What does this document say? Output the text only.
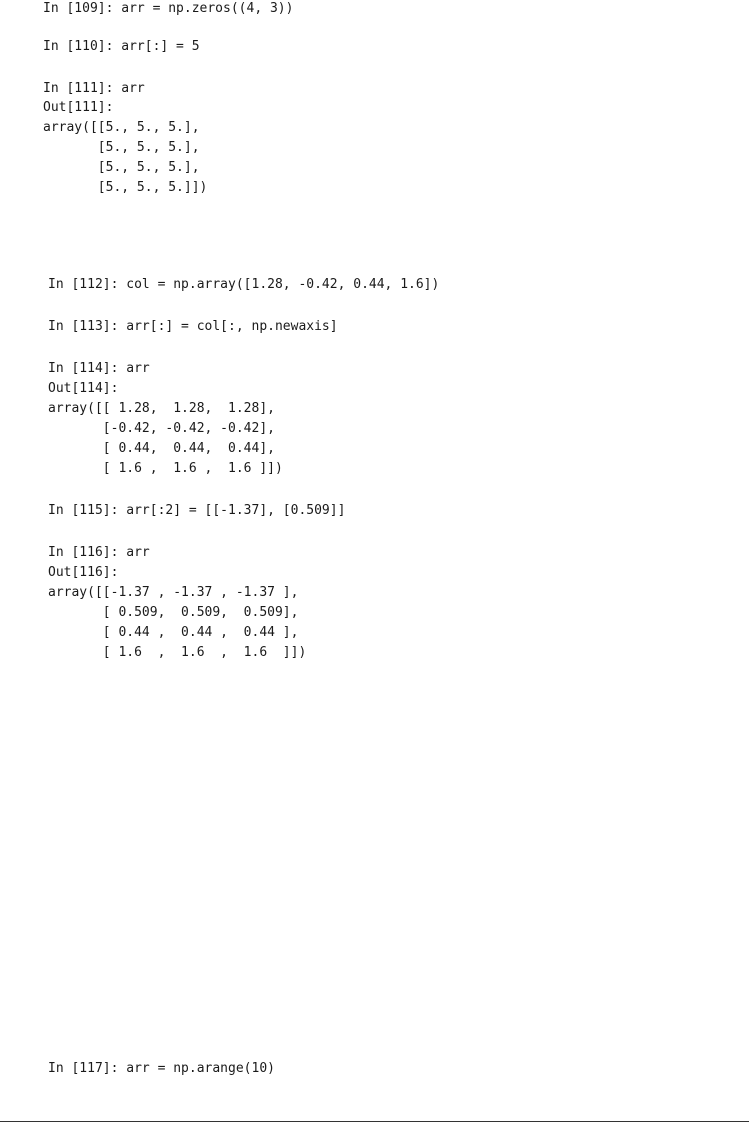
In [109]: arr = np.zeros((4, 3))
In [110]: arr[:] = 5
In [111]: arr
Out[111]:
array([[5., 5., 5.],
[5., 5., 5.],
[5., 5., 5.],
[5., 5., 5.]])
In [112]: col = np.array([1.28, -0.42, 0.44, 1.6])
In [113]: arr[:] = col[:, np.newaxis]
In [114]: arr
Out[114]:
array([[ 1.28,  1.28,  1.28],
[-0.42, -0.42, -0.42],
[ 0.44,  0.44,  0.44],
[ 1.6 ,  1.6 ,  1.6 ]])
In [115]: arr[:2] = [[-1.37], [0.509]]
In [116]: arr
Out[116]:
array([[-1.37 , -1.37 , -1.37 ],
[ 0.509,  0.509,  0.509],
[ 0.44 ,  0.44 ,  0.44 ],
[ 1.6  ,  1.6  ,  1.6  ]])
In [117]: arr = np.arange(10)
